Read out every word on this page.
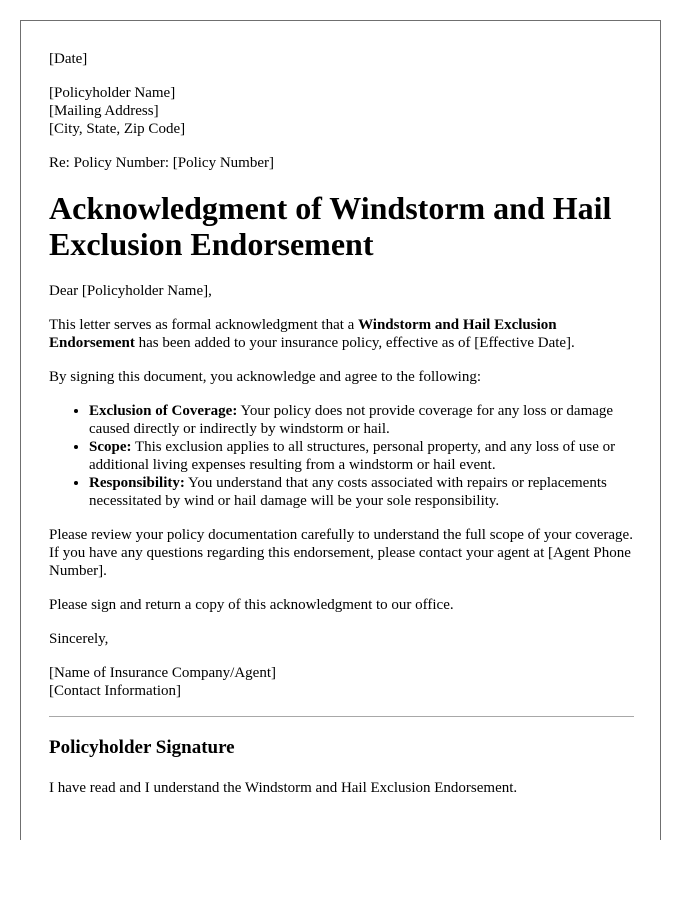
[Date]

[Policyholder Name]
[Mailing Address]
[City, State, Zip Code]

Re: Policy Number: [Policy Number]

Acknowledgment of Windstorm and Hail Exclusion Endorsement

Dear [Policyholder Name],

This letter serves as formal acknowledgment that a Windstorm and Hail Exclusion Endorsement has been added to your insurance policy, effective as of [Effective Date].

By signing this document, you acknowledge and agree to the following:

• Exclusion of Coverage: Your policy does not provide coverage for any loss or damage caused directly or indirectly by windstorm or hail.
• Scope: This exclusion applies to all structures, personal property, and any loss of use or additional living expenses resulting from a windstorm or hail event.
• Responsibility: You understand that any costs associated with repairs or replacements necessitated by wind or hail damage will be your sole responsibility.

Please review your policy documentation carefully to understand the full scope of your coverage. If you have any questions regarding this endorsement, please contact your agent at [Agent Phone Number].

Please sign and return a copy of this acknowledgment to our office.

Sincerely,

[Name of Insurance Company/Agent]
[Contact Information]
Policyholder Signature

I have read and I understand the Windstorm and Hail Exclusion Endorsement.
